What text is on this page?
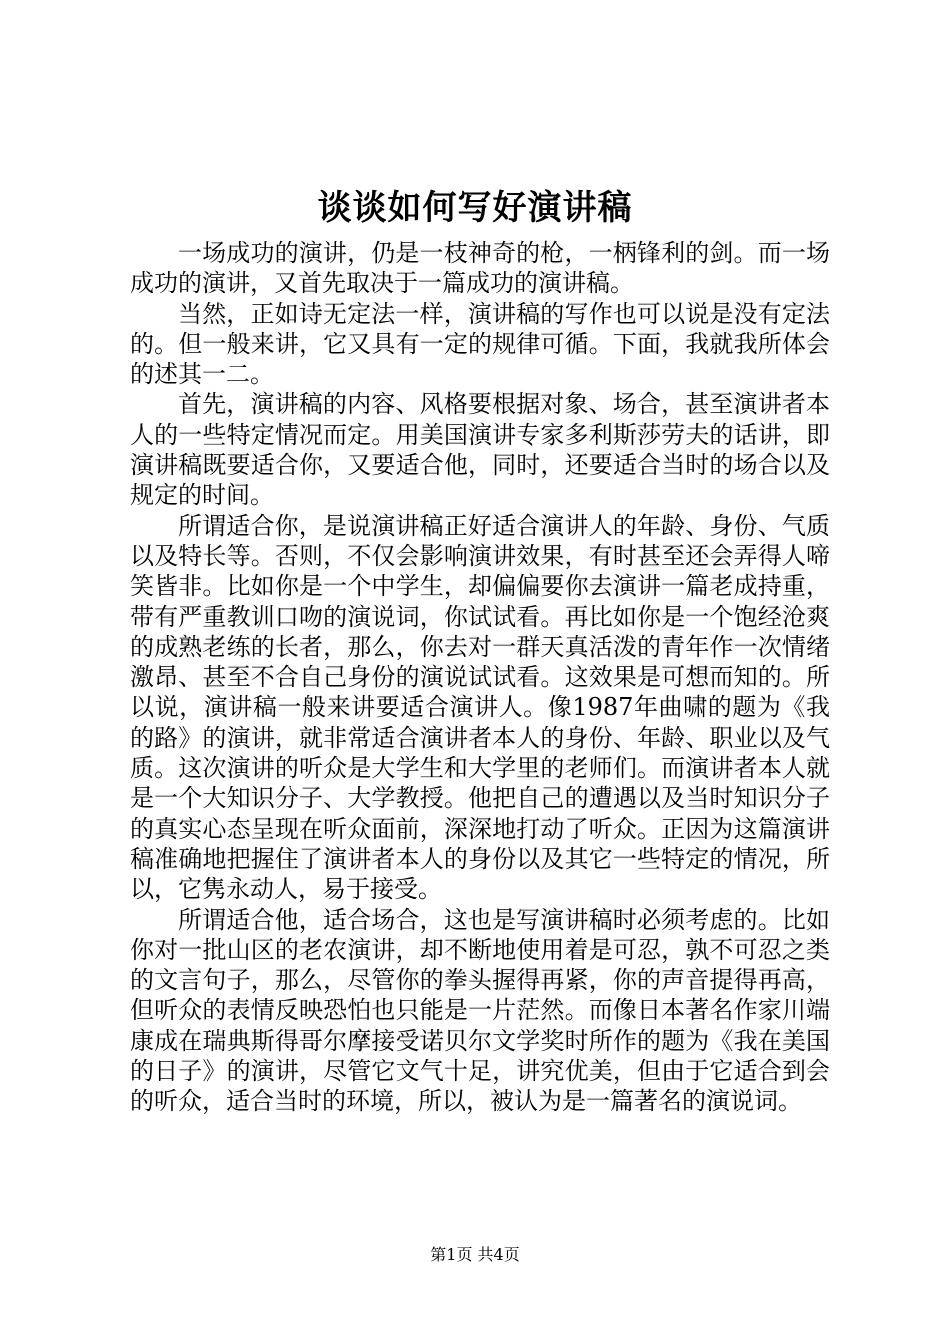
谈谈如何写好演讲稿

一场成功的演讲，仍是一枝神奇的枪，一柄锋利的剑。而一场成功的演讲，又首先取决于一篇成功的演讲稿。

当然，正如诗无定法一样，演讲稿的写作也可以说是没有定法的。但一般来讲，它又具有一定的规律可循。下面，我就我所体会的述其一二。

首先，演讲稿的内容、风格要根据对象、场合，甚至演讲者本人的一些特定情况而定。用美国演讲专家多利斯莎劳夫的话讲，即演讲稿既要适合你，又要适合他，同时，还要适合当时的场合以及规定的时间。

所谓适合你，是说演讲稿正好适合演讲人的年龄、身份、气质以及特长等。否则，不仅会影响演讲效果，有时甚至还会弄得人啼笑皆非。比如你是一个中学生，却偏偏要你去演讲一篇老成持重，带有严重教训口吻的演说词，你试试看。再比如你是一个饱经沧爽的成熟老练的长者，那么，你去对一群天真活泼的青年作一次情绪激昂、甚至不合自己身份的演说试试看。这效果是可想而知的。所以说，演讲稿一般来讲要适合演讲人。像1987年曲啸的题为《我的路》的演讲，就非常适合演讲者本人的身份、年龄、职业以及气质。这次演讲的听众是大学生和大学里的老师们。而演讲者本人就是一个大知识分子、大学教授。他把自己的遭遇以及当时知识分子的真实心态呈现在听众面前，深深地打动了听众。正因为这篇演讲稿准确地把握住了演讲者本人的身份以及其它一些特定的情况，所以，它隽永动人，易于接受。

所谓适合他，适合场合，这也是写演讲稿时必须考虑的。比如你对一批山区的老农演讲，却不断地使用着是可忍，孰不可忍之类的文言句子，那么，尽管你的拳头握得再紧，你的声音提得再高，但听众的表情反映恐怕也只能是一片茫然。而像日本著名作家川端康成在瑞典斯得哥尔摩接受诺贝尔文学奖时所作的题为《我在美国的日子》的演讲，尽管它文气十足，讲究优美，但由于它适合到会的听众，适合当时的环境，所以，被认为是一篇著名的演说词。

第1页 共4页
